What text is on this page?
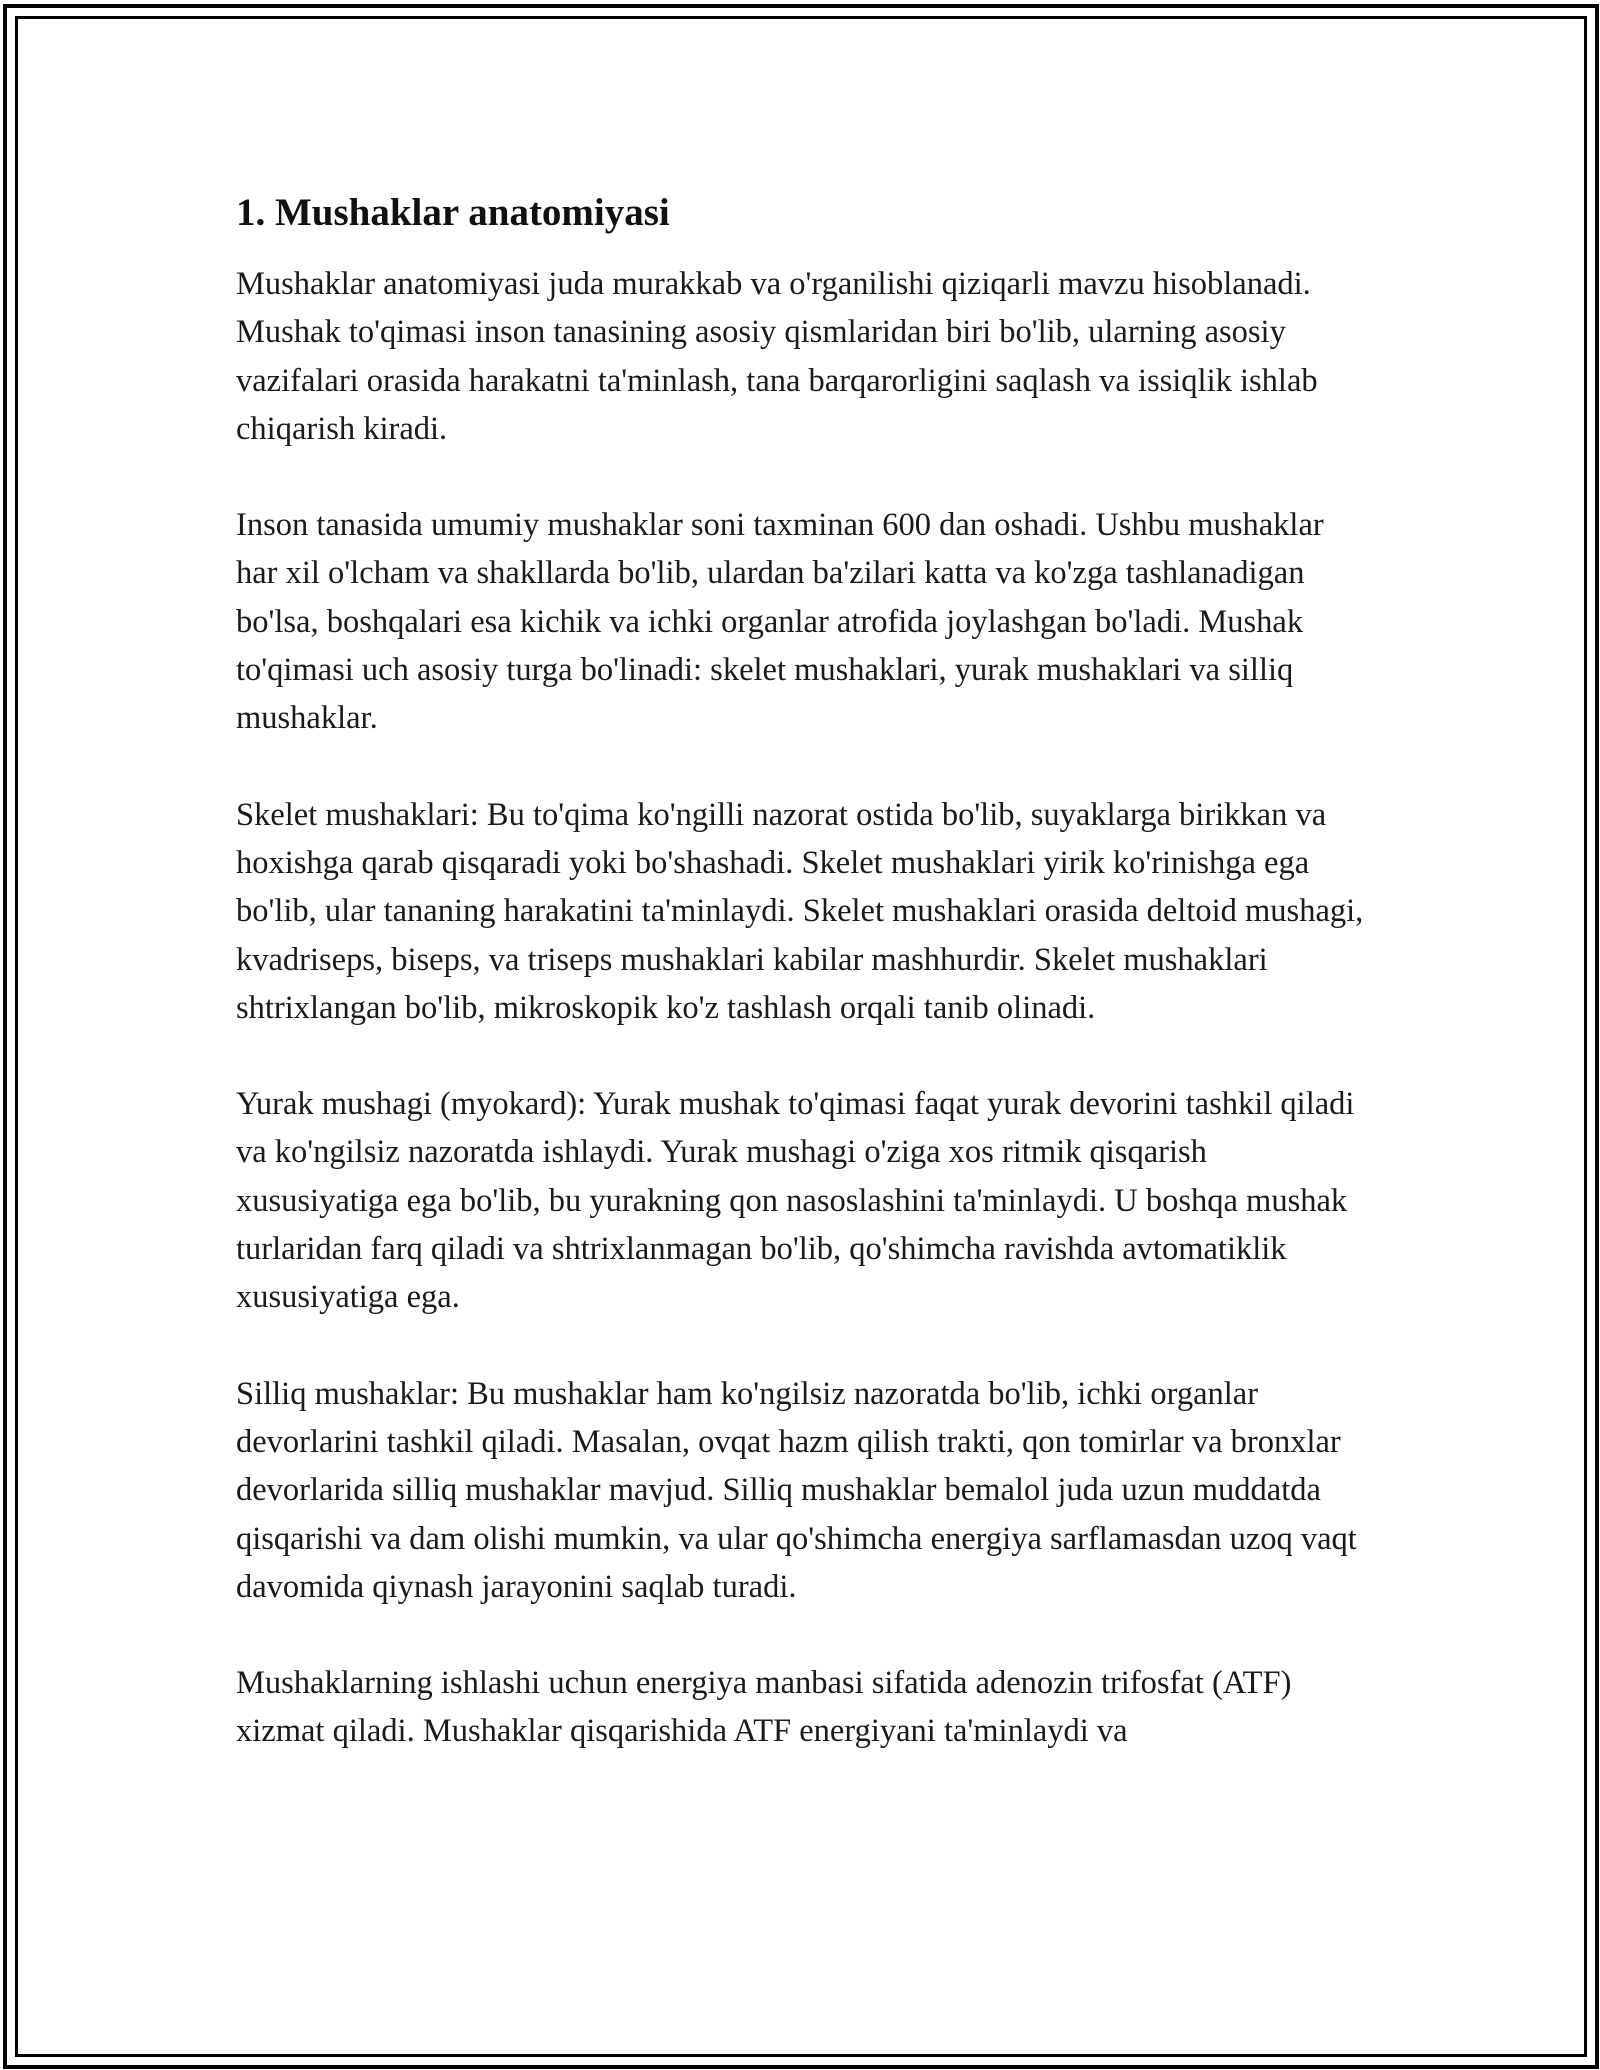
1. Mushaklar anatomiyasi

Mushaklar anatomiyasi juda murakkab va o'rganilishi qiziqarli mavzu hisoblanadi. Mushak to'qimasi inson tanasining asosiy qismlaridan biri bo'lib, ularning asosiy vazifalari orasida harakatni ta'minlash, tana barqarorligini saqlash va issiqlik ishlab chiqarish kiradi.

Inson tanasida umumiy mushaklar soni taxminan 600 dan oshadi. Ushbu mushaklar har xil o'lcham va shakllarda bo'lib, ulardan ba'zilari katta va ko'zga tashlanadigan bo'lsa, boshqalari esa kichik va ichki organlar atrofida joylashgan bo'ladi. Mushak to'qimasi uch asosiy turga bo'linadi: skelet mushaklari, yurak mushaklari va silliq mushaklar.

Skelet mushaklari: Bu to'qima ko'ngilli nazorat ostida bo'lib, suyaklarga birikkan va hoxishga qarab qisqaradi yoki bo'shashadi. Skelet mushaklari yirik ko'rinishga ega bo'lib, ular tananing harakatini ta'minlaydi. Skelet mushaklari orasida deltoid mushagi, kvadriseps, biseps, va triseps mushaklari kabilar mashhurdir. Skelet mushaklari shtrixlangan bo'lib, mikroskopik ko'z tashlash orqali tanib olinadi.

Yurak mushagi (myokard): Yurak mushak to'qimasi faqat yurak devorini tashkil qiladi va ko'ngilsiz nazoratda ishlaydi. Yurak mushagi o'ziga xos ritmik qisqarish xususiyatiga ega bo'lib, bu yurakning qon nasoslashini ta'minlaydi. U boshqa mushak turlaridan farq qiladi va shtrixlanmagan bo'lib, qo'shimcha ravishda avtomatiklik xususiyatiga ega.

Silliq mushaklar: Bu mushaklar ham ko'ngilsiz nazoratda bo'lib, ichki organlar devorlarini tashkil qiladi. Masalan, ovqat hazm qilish trakti, qon tomirlar va bronxlar devorlarida silliq mushaklar mavjud. Silliq mushaklar bemalol juda uzun muddatda qisqarishi va dam olishi mumkin, va ular qo'shimcha energiya sarflamasdan uzoq vaqt davomida qiynash jarayonini saqlab turadi.

Mushaklarning ishlashi uchun energiya manbasi sifatida adenozin trifosfat (ATF) xizmat qiladi. Mushaklar qisqarishida ATF energiyani ta'minlaydi va
